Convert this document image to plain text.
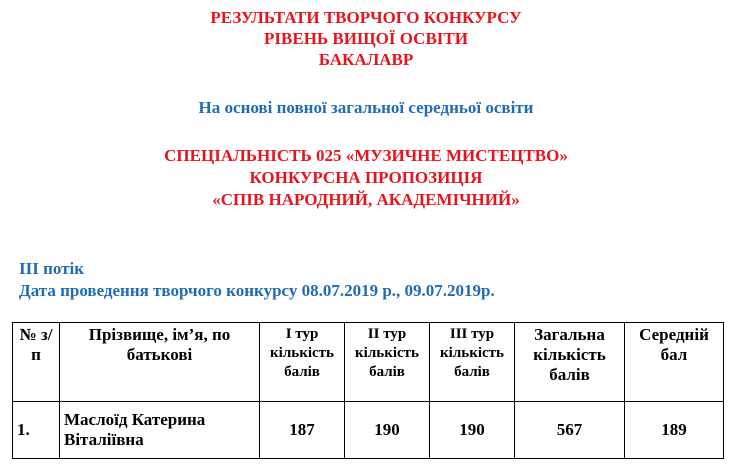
РЕЗУЛЬТАТИ ТВОРЧОГО КОНКУРСУ
РІВЕНЬ ВИЩОЇ ОСВІТИ
БАКАЛАВР
На основі повної загальної середньої освіти
СПЕЦІАЛЬНІСТЬ 025 «МУЗИЧНЕ МИСТЕЦТВО»
КОНКУРСНА ПРОПОЗИЦІЯ
«СПІВ НАРОДНИЙ, АКАДЕМІЧНИЙ»
ІІІ потік
Дата проведення творчого конкурсу 08.07.2019 р., 09.07.2019р.
№ з/п	Прізвище, ім’я, по батькові	І тур кількість балів	ІІ тур кількість балів	ІІІ тур кількість балів	Загальна кількість балів	Середній бал
1.	Маслоїд Катерина Віталіївна	187	190	190	567	189
